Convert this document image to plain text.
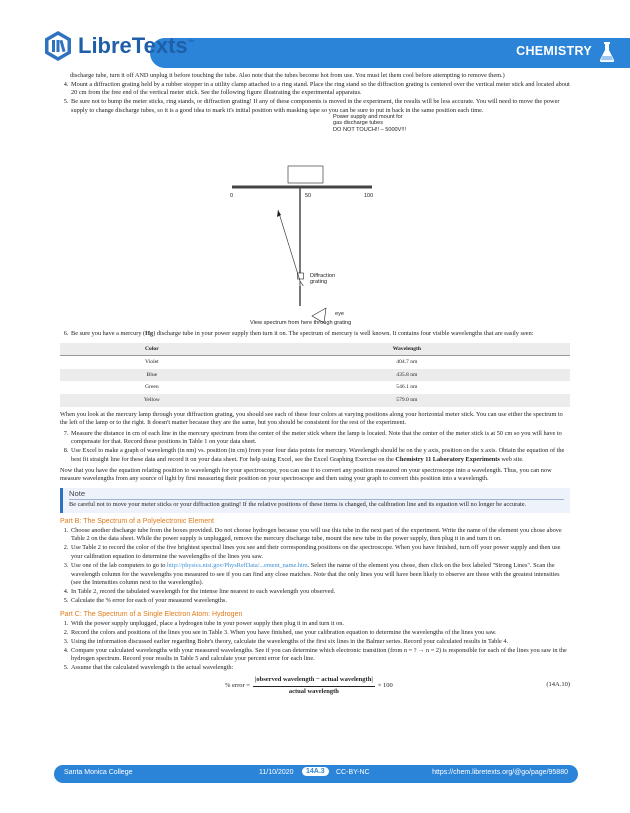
LibreTexts™
CHEMISTRY

discharge tube, turn it off AND unplug it before touching the tube. Also note that the tubes become hot from use. You must let them cool before attempting to remove them.)

4. Mount a diffraction grating held by a rubber stopper in a utility clamp attached to a ring stand. Place the ring stand so the diffraction grating is centered over the vertical meter stick and located about 20 cm from the free end of the vertical meter stick. See the following figure illustrating the experimental apparatus.
5. Be sure not to bump the meter sticks, ring stands, or diffraction grating! If any of these components is moved in the experiment, the results will be less accurate. You will need to move the power supply to change discharge tubes, so it is a good idea to mark it's initial position with masking tape so you can be sure to put in back in the same position each time.
Power supply and mount for
gas discharge tubes
DO NOT TOUCH!! – 5000V!!!
0	50	100
Diffraction
grating
eye
View spectrum from here through grating
6. Be sure you have a mercury (Hg) discharge tube in your power supply then turn it on. The spectrum of mercury is well known. It contains four visible wavelengths that are easily seen:
Color	Wavelength
Violet	404.7 nm
Blue	435.8 nm
Green	546.1 nm
Yellow	579.0 nm

When you look at the mercury lamp through your diffraction grating, you should see each of these four colors at varying positions along your horizontal meter stick. You can use either the spectrum to the left of the lamp or to the right. It doesn't matter because they are the same, but you should be consistent for the rest of the experiment.

7. Measure the distance in cm of each line in the mercury spectrum from the center of the meter stick where the lamp is located. Note that the center of the meter stick is at 50 cm so you will have to compensate for that. Record these positions in Table 1 on your data sheet.
8. Use Excel to make a graph of wavelength (in nm) vs. position (in cm) from your four data points for mercury. Wavelength should be on the y axis, position on the x axis. Obtain the equation of the best fit straight line for these data and record it on your data sheet. For help using Excel, see the Excel Graphing Exercise on the Chemistry 11 Laboratory Experiments web site.

Now that you have the equation relating position to wavelength for your spectroscope, you can use it to convert any position measured on your spectroscope into a wavelength. Thus, you can now measure wavelengths from any source of light by first measuring their position on your spectroscope and then using your graph to convert this position into a wavelength.

Note
Be careful not to move your meter sticks or your diffraction grating! If the relative positions of these items is changed, the calibration line and its equation will no longer be accurate.
Part B: The Spectrum of a Polyelectronic Element
1. Choose another discharge tube from the boxes provided. Do not choose hydrogen because you will use this tube in the next part of the experiment. Write the name of the element you chose above Table 2 on the data sheet. While the power supply is unplugged, remove the mercury discharge tube, mount the new tube in the power supply, then plug it in and turn it on.
2. Use Table 2 to record the color of the five brightest spectral lines you see and their corresponding positions on the spectroscope. When you have finished, turn off your power supply and then use your calibration equation to determine the wavelengths of the lines you saw.
3. Use one of the lab computers to go to http://physics.nist.gov/PhysRefData/...ement_name.htm. Select the name of the element you chose, then click on the box labeled "Strong Lines". Scan the wavelength column for the wavelengths you measured to see if you can find any close matches. Note that the only lines you will have been likely to observe are those with the greatest intensities (see the Intensities column next to the wavelengths).
4. In Table 2, record the tabulated wavelength for the intense line nearest to each wavelength you observed.
5. Calculate the % error for each of your measured wavelengths.
Part C: The Spectrum of a Single Electron Atom: Hydrogen
1. With the power supply unplugged, place a hydrogen tube in your power supply then plug it in and turn it on.
2. Record the colors and positions of the lines you see in Table 3. When you have finished, use your calibration equation to determine the wavelengths of the lines you saw.
3. Using the information discussed earlier regarding Bohr's theory, calculate the wavelengths of the first six lines in the Balmer series. Record your calculated results in Table 4.
4. Compare your calculated wavelengths with your measured wavelengths. See if you can determine which electronic transition (from n = ? → n = 2) is responsible for each of the lines you saw in the hydrogen spectrum. Record your results in Table 5 and calculate your percent error for each line.
5. Assume that the calculated wavelength is the actual wavelength:
% error = $\frac{\text{|observed wavelength − actual wavelength|}}{\text{actual wavelength}} \times 100$	(14A.10)
Santa Monica College	11/10/2020	14A.3	CC-BY-NC	https://chem.libretexts.org/@go/page/95880
